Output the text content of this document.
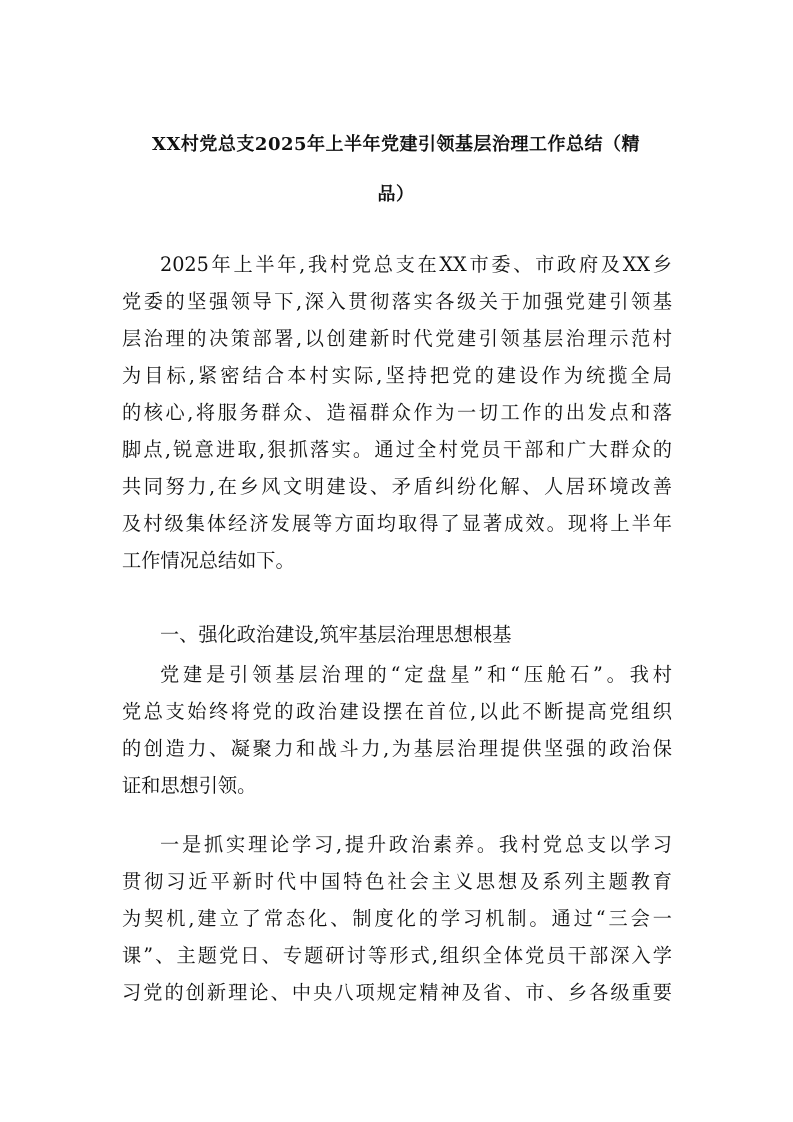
XX村党总支2025年上半年党建引领基层治理工作总结（精
品）
2025年上半年,我村党总支在XX市委、市政府及XX乡
党委的坚强领导下,深入贯彻落实各级关于加强党建引领基
层治理的决策部署,以创建新时代党建引领基层治理示范村
为目标,紧密结合本村实际,坚持把党的建设作为统揽全局
的核心,将服务群众、造福群众作为一切工作的出发点和落
脚点,锐意进取,狠抓落实。通过全村党员干部和广大群众的
共同努力,在乡风文明建设、矛盾纠纷化解、人居环境改善
及村级集体经济发展等方面均取得了显著成效。现将上半年
工作情况总结如下。
一、强化政治建设,筑牢基层治理思想根基
党建是引领基层治理的“定盘星”和“压舱石”。我村
党总支始终将党的政治建设摆在首位,以此不断提高党组织
的创造力、凝聚力和战斗力,为基层治理提供坚强的政治保
证和思想引领。
一是抓实理论学习,提升政治素养。我村党总支以学习
贯彻习近平新时代中国特色社会主义思想及系列主题教育
为契机,建立了常态化、制度化的学习机制。通过“三会一
课”、主题党日、专题研讨等形式,组织全体党员干部深入学
习党的创新理论、中央八项规定精神及省、市、乡各级重要
